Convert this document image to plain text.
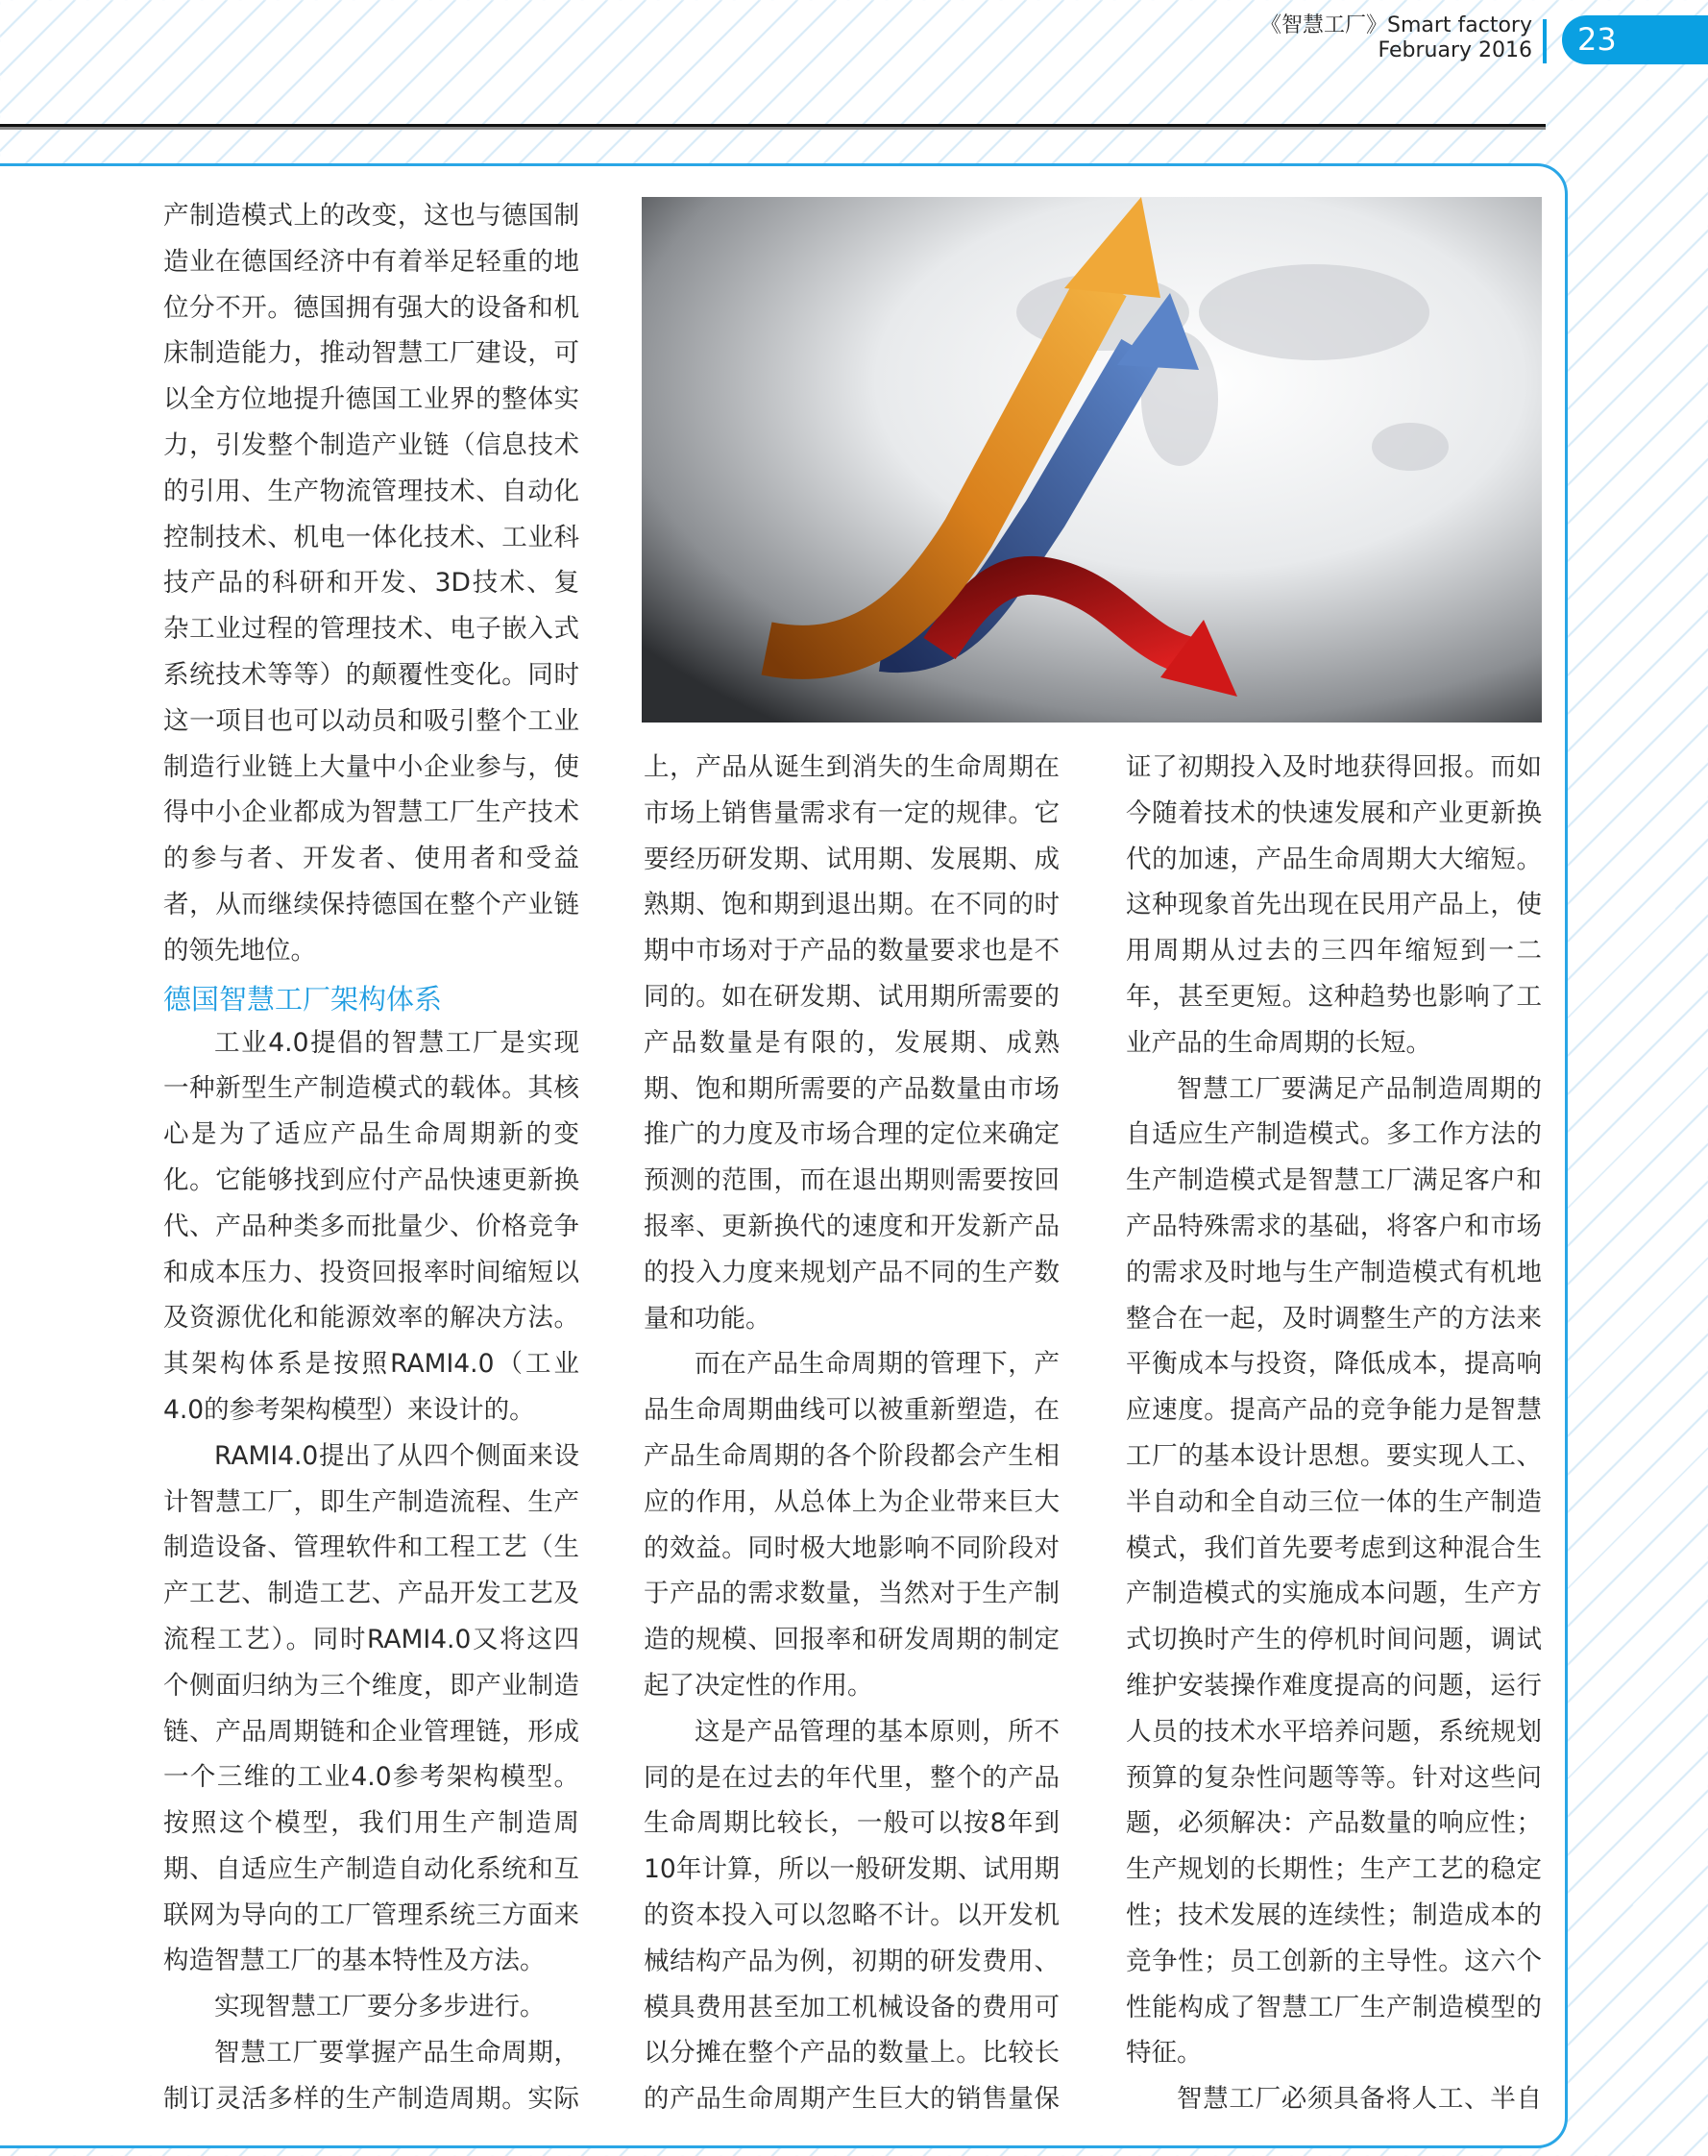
《智慧工厂》Smart factory
February 2016	23

产制造模式上的改变，这也与德国制造业在德国经济中有着举足轻重的地位分不开。德国拥有强大的设备和机床制造能力，推动智慧工厂建设，可以全方位地提升德国工业界的整体实力，引发整个制造产业链（信息技术的引用、生产物流管理技术、自动化控制技术、机电一体化技术、工业科技产品的科研和开发、3D技术、复杂工业过程的管理技术、电子嵌入式系统技术等等）的颠覆性变化。同时这一项目也可以动员和吸引整个工业制造行业链上大量中小企业参与，使得中小企业都成为智慧工厂生产技术的参与者、开发者、使用者和受益者，从而继续保持德国在整个产业链的领先地位。

德国智慧工厂架构体系

工业4.0提倡的智慧工厂是实现一种新型生产制造模式的载体。其核心是为了适应产品生命周期新的变化。它能够找到应付产品快速更新换代、产品种类多而批量少、价格竞争和成本压力、投资回报率时间缩短以及资源优化和能源效率的解决方法。其架构体系是按照RAMI4.0（工业4.0的参考架构模型）来设计的。

RAMI4.0提出了从四个侧面来设计智慧工厂，即生产制造流程、生产制造设备、管理软件和工程工艺（生产工艺、制造工艺、产品开发工艺及流程工艺）。同时RAMI4.0又将这四个侧面归纳为三个维度，即产业制造链、产品周期链和企业管理链，形成一个三维的工业4.0参考架构模型。按照这个模型，我们用生产制造周期、自适应生产制造自动化系统和互联网为导向的工厂管理系统三方面来构造智慧工厂的基本特性及方法。

实现智慧工厂要分多步进行。

智慧工厂要掌握产品生命周期，制订灵活多样的生产制造周期。实际

上，产品从诞生到消失的生命周期在市场上销售量需求有一定的规律。它要经历研发期、试用期、发展期、成熟期、饱和期到退出期。在不同的时期中市场对于产品的数量要求也是不同的。如在研发期、试用期所需要的产品数量是有限的，发展期、成熟期、饱和期所需要的产品数量由市场推广的力度及市场合理的定位来确定预测的范围，而在退出期则需要按回报率、更新换代的速度和开发新产品的投入力度来规划产品不同的生产数量和功能。

而在产品生命周期的管理下，产品生命周期曲线可以被重新塑造，在产品生命周期的各个阶段都会产生相应的作用，从总体上为企业带来巨大的效益。同时极大地影响不同阶段对于产品的需求数量，当然对于生产制造的规模、回报率和研发周期的制定起了决定性的作用。

这是产品管理的基本原则，所不同的是在过去的年代里，整个的产品生命周期比较长，一般可以按8年到10年计算，所以一般研发期、试用期的资本投入可以忽略不计。以开发机械结构产品为例，初期的研发费用、模具费用甚至加工机械设备的费用可以分摊在整个产品的数量上。比较长的产品生命周期产生巨大的销售量保

证了初期投入及时地获得回报。而如今随着技术的快速发展和产业更新换代的加速，产品生命周期大大缩短。这种现象首先出现在民用产品上，使用周期从过去的三四年缩短到一二年，甚至更短。这种趋势也影响了工业产品的生命周期的长短。

智慧工厂要满足产品制造周期的自适应生产制造模式。多工作方法的生产制造模式是智慧工厂满足客户和产品特殊需求的基础，将客户和市场的需求及时地与生产制造模式有机地整合在一起，及时调整生产的方法来平衡成本与投资，降低成本，提高响应速度。提高产品的竞争能力是智慧工厂的基本设计思想。要实现人工、半自动和全自动三位一体的生产制造模式，我们首先要考虑到这种混合生产制造模式的实施成本问题，生产方式切换时产生的停机时间问题，调试维护安装操作难度提高的问题，运行人员的技术水平培养问题，系统规划预算的复杂性问题等等。针对这些问题，必须解决：产品数量的响应性；生产规划的长期性；生产工艺的稳定性；技术发展的连续性；制造成本的竞争性；员工创新的主导性。这六个性能构成了智慧工厂生产制造模型的特征。

智慧工厂必须具备将人工、半自
